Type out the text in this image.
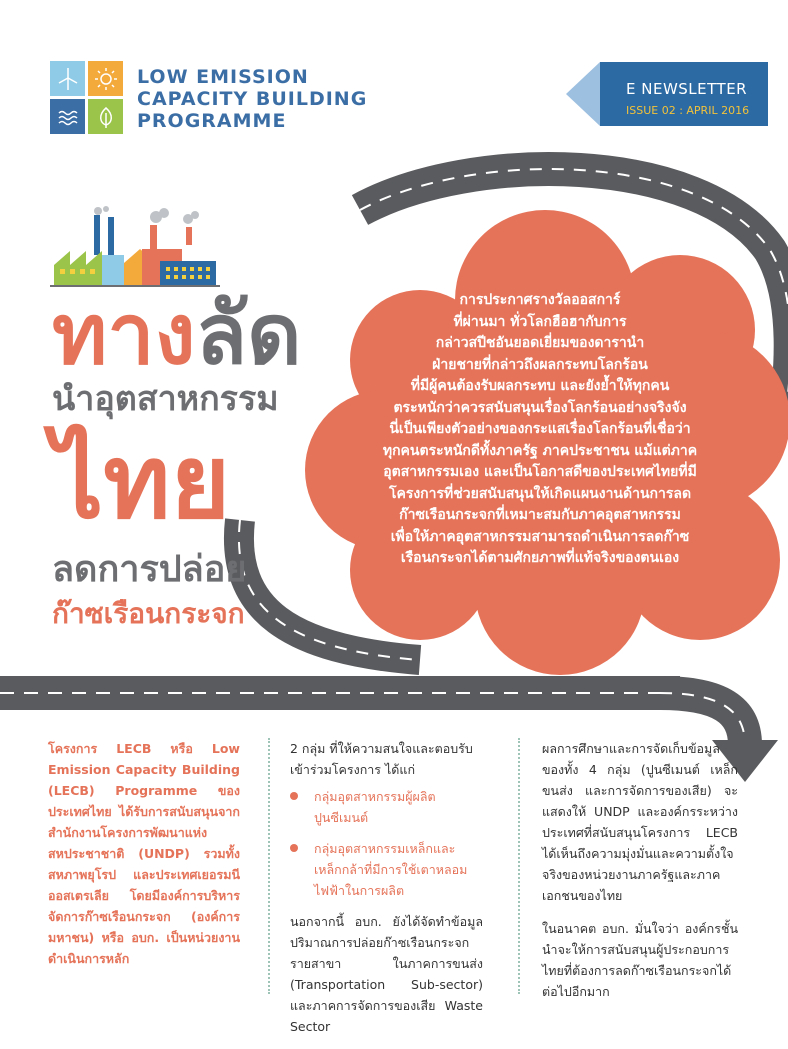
LOW EMISSION
CAPACITY BUILDING
PROGRAMME
E NEWSLETTER
ISSUE 02 : APRIL 2016
ทางลัด
นำอุตสาหกรรม
ไทย
ลดการปล่อย
ก๊าซเรือนกระจก
การประกาศรางวัลออสการ์
ที่ผ่านมา ทั่วโลกฮือฮากับการ
กล่าวสปีชอันยอดเยี่ยมของดารานำ
ฝ่ายชายที่กล่าวถึงผลกระทบโลกร้อน
ที่มีผู้คนต้องรับผลกระทบ และยังย้ำให้ทุกคน
ตระหนักว่าควรสนับสนุนเรื่องโลกร้อนอย่างจริงจัง
นี่เป็นเพียงตัวอย่างของกระแสเรื่องโลกร้อนที่เชื่อว่า
ทุกคนตระหนักดีทั้งภาครัฐ ภาคประชาชน แม้แต่ภาค
อุตสาหกรรมเอง และเป็นโอกาสดีของประเทศไทยที่มี
โครงการที่ช่วยสนับสนุนให้เกิดแผนงานด้านการลด
ก๊าซเรือนกระจกที่เหมาะสมกับภาคอุตสาหกรรม
เพื่อให้ภาคอุตสาหกรรมสามารถดำเนินการลดก๊าซ
เรือนกระจกได้ตามศักยภาพที่แท้จริงของตนเอง

โครงการ LECB หรือ Low Emission Capacity Building (LECB) Programme ของประเทศไทย ได้รับการสนับสนุนจากสำนักงานโครงการพัฒนาแห่งสหประชาชาติ (UNDP) รวมทั้งสหภาพยุโรป และประเทศเยอรมนี ออสเตรเลีย โดยมีองค์การบริหารจัดการก๊าซเรือนกระจก (องค์การมหาชน) หรือ อบก. เป็นหน่วยงานดำเนินการหลัก

2 กลุ่ม ที่ให้ความสนใจและตอบรับเข้าร่วมโครงการ ได้แก่

กลุ่มอุตสาหกรรมผู้ผลิตปูนซีเมนต์
กลุ่มอุตสาหกรรมเหล็กและเหล็กกล้าที่มีการใช้เตาหลอมไฟฟ้าในการผลิต

นอกจากนี้ อบก. ยังได้จัดทำข้อมูลปริมาณการปล่อยก๊าซเรือนกระจกรายสาขา ในภาคการขนส่ง (Transportation Sub-sector) และภาคการจัดการของเสีย Waste Sector

ผลการศึกษาและการจัดเก็บข้อมูลของทั้ง 4 กลุ่ม (ปูนซีเมนต์ เหล็ก ขนส่ง และการจัดการของเสีย) จะแสดงให้ UNDP และองค์กรระหว่างประเทศที่สนับสนุนโครงการ LECB ได้เห็นถึงความมุ่งมั่นและความตั้งใจจริงของหน่วยงานภาครัฐและภาคเอกชนของไทย

ในอนาคต อบก. มั่นใจว่า องค์กรชั้นนำจะให้การสนับสนุนผู้ประกอบการไทยที่ต้องการลดก๊าซเรือนกระจกได้ต่อไปอีกมาก
